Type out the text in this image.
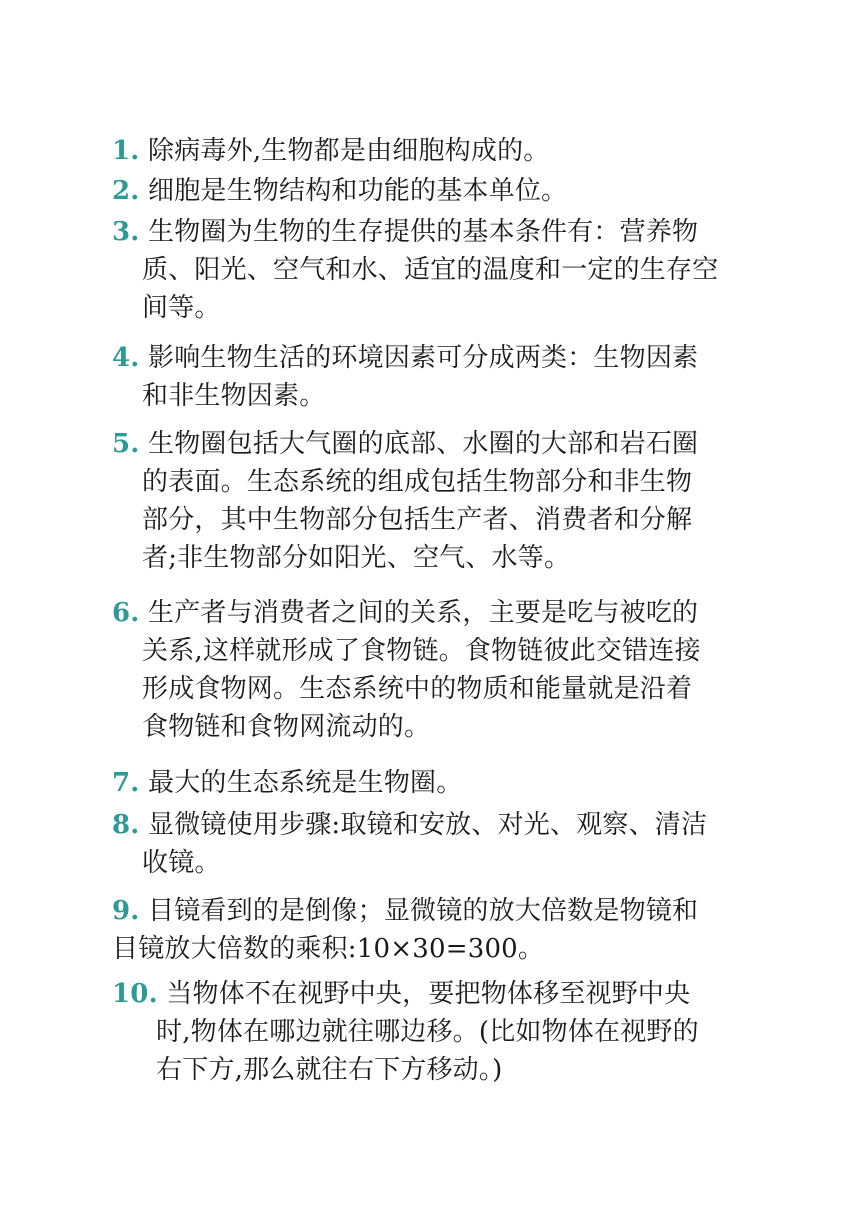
1. 除病毒外,生物都是由细胞构成的。
2. 细胞是生物结构和功能的基本单位。
3. 生物圈为生物的生存提供的基本条件有：营养物
质、阳光、空气和水、适宜的温度和一定的生存空
间等。
4. 影响生物生活的环境因素可分成两类：生物因素
和非生物因素。
5. 生物圈包括大气圈的底部、水圈的大部和岩石圈
的表面。生态系统的组成包括生物部分和非生物
部分，其中生物部分包括生产者、消费者和分解
者;非生物部分如阳光、空气、水等。
6. 生产者与消费者之间的关系，主要是吃与被吃的
关系,这样就形成了食物链。食物链彼此交错连接
形成食物网。生态系统中的物质和能量就是沿着
食物链和食物网流动的。
7. 最大的生态系统是生物圈。
8. 显微镜使用步骤:取镜和安放、对光、观察、清洁
收镜。
9. 目镜看到的是倒像；显微镜的放大倍数是物镜和
目镜放大倍数的乘积:10×30=300。
10. 当物体不在视野中央，要把物体移至视野中央
时,物体在哪边就往哪边移。(比如物体在视野的
右下方,那么就往右下方移动。)
